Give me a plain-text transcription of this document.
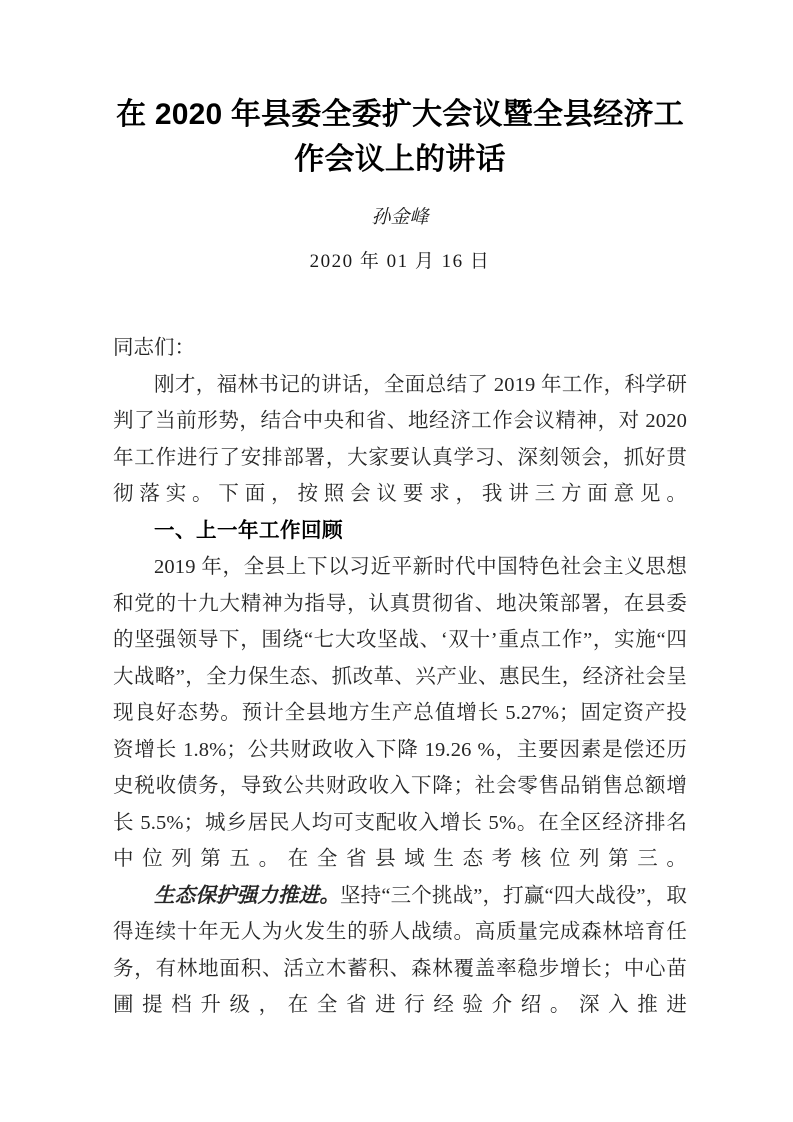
在 2020 年县委全委扩大会议暨全县经济工作会议上的讲话

孙金峰

2020 年 01 月 16 日

同志们：

刚才，福林书记的讲话，全面总结了 2019 年工作，科学研判了当前形势，结合中央和省、地经济工作会议精神，对 2020 年工作进行了安排部署，大家要认真学习、深刻领会，抓好贯彻落实。下面，按照会议要求，我讲三方面意见。

一、上一年工作回顾

2019 年，全县上下以习近平新时代中国特色社会主义思想和党的十九大精神为指导，认真贯彻省、地决策部署，在县委的坚强领导下，围绕“七大攻坚战、‘双十’重点工作”，实施“四大战略”，全力保生态、抓改革、兴产业、惠民生，经济社会呈现良好态势。预计全县地方生产总值增长 5.27%；固定资产投资增长 1.8%；公共财政收入下降 19.26 %，主要因素是偿还历史税收债务，导致公共财政收入下降；社会零售品销售总额增长 5.5%；城乡居民人均可支配收入增长 5%。在全区经济排名中位列第五。在全省县域生态考核位列第三。

生态保护强力推进。坚持“三个挑战”，打赢“四大战役”，取得连续十年无人为火发生的骄人战绩。高质量完成森林培育任务，有林地面积、活立木蓄积、森林覆盖率稳步增长；中心苗圃提档升级，在全省进行经验介绍。深入推进
